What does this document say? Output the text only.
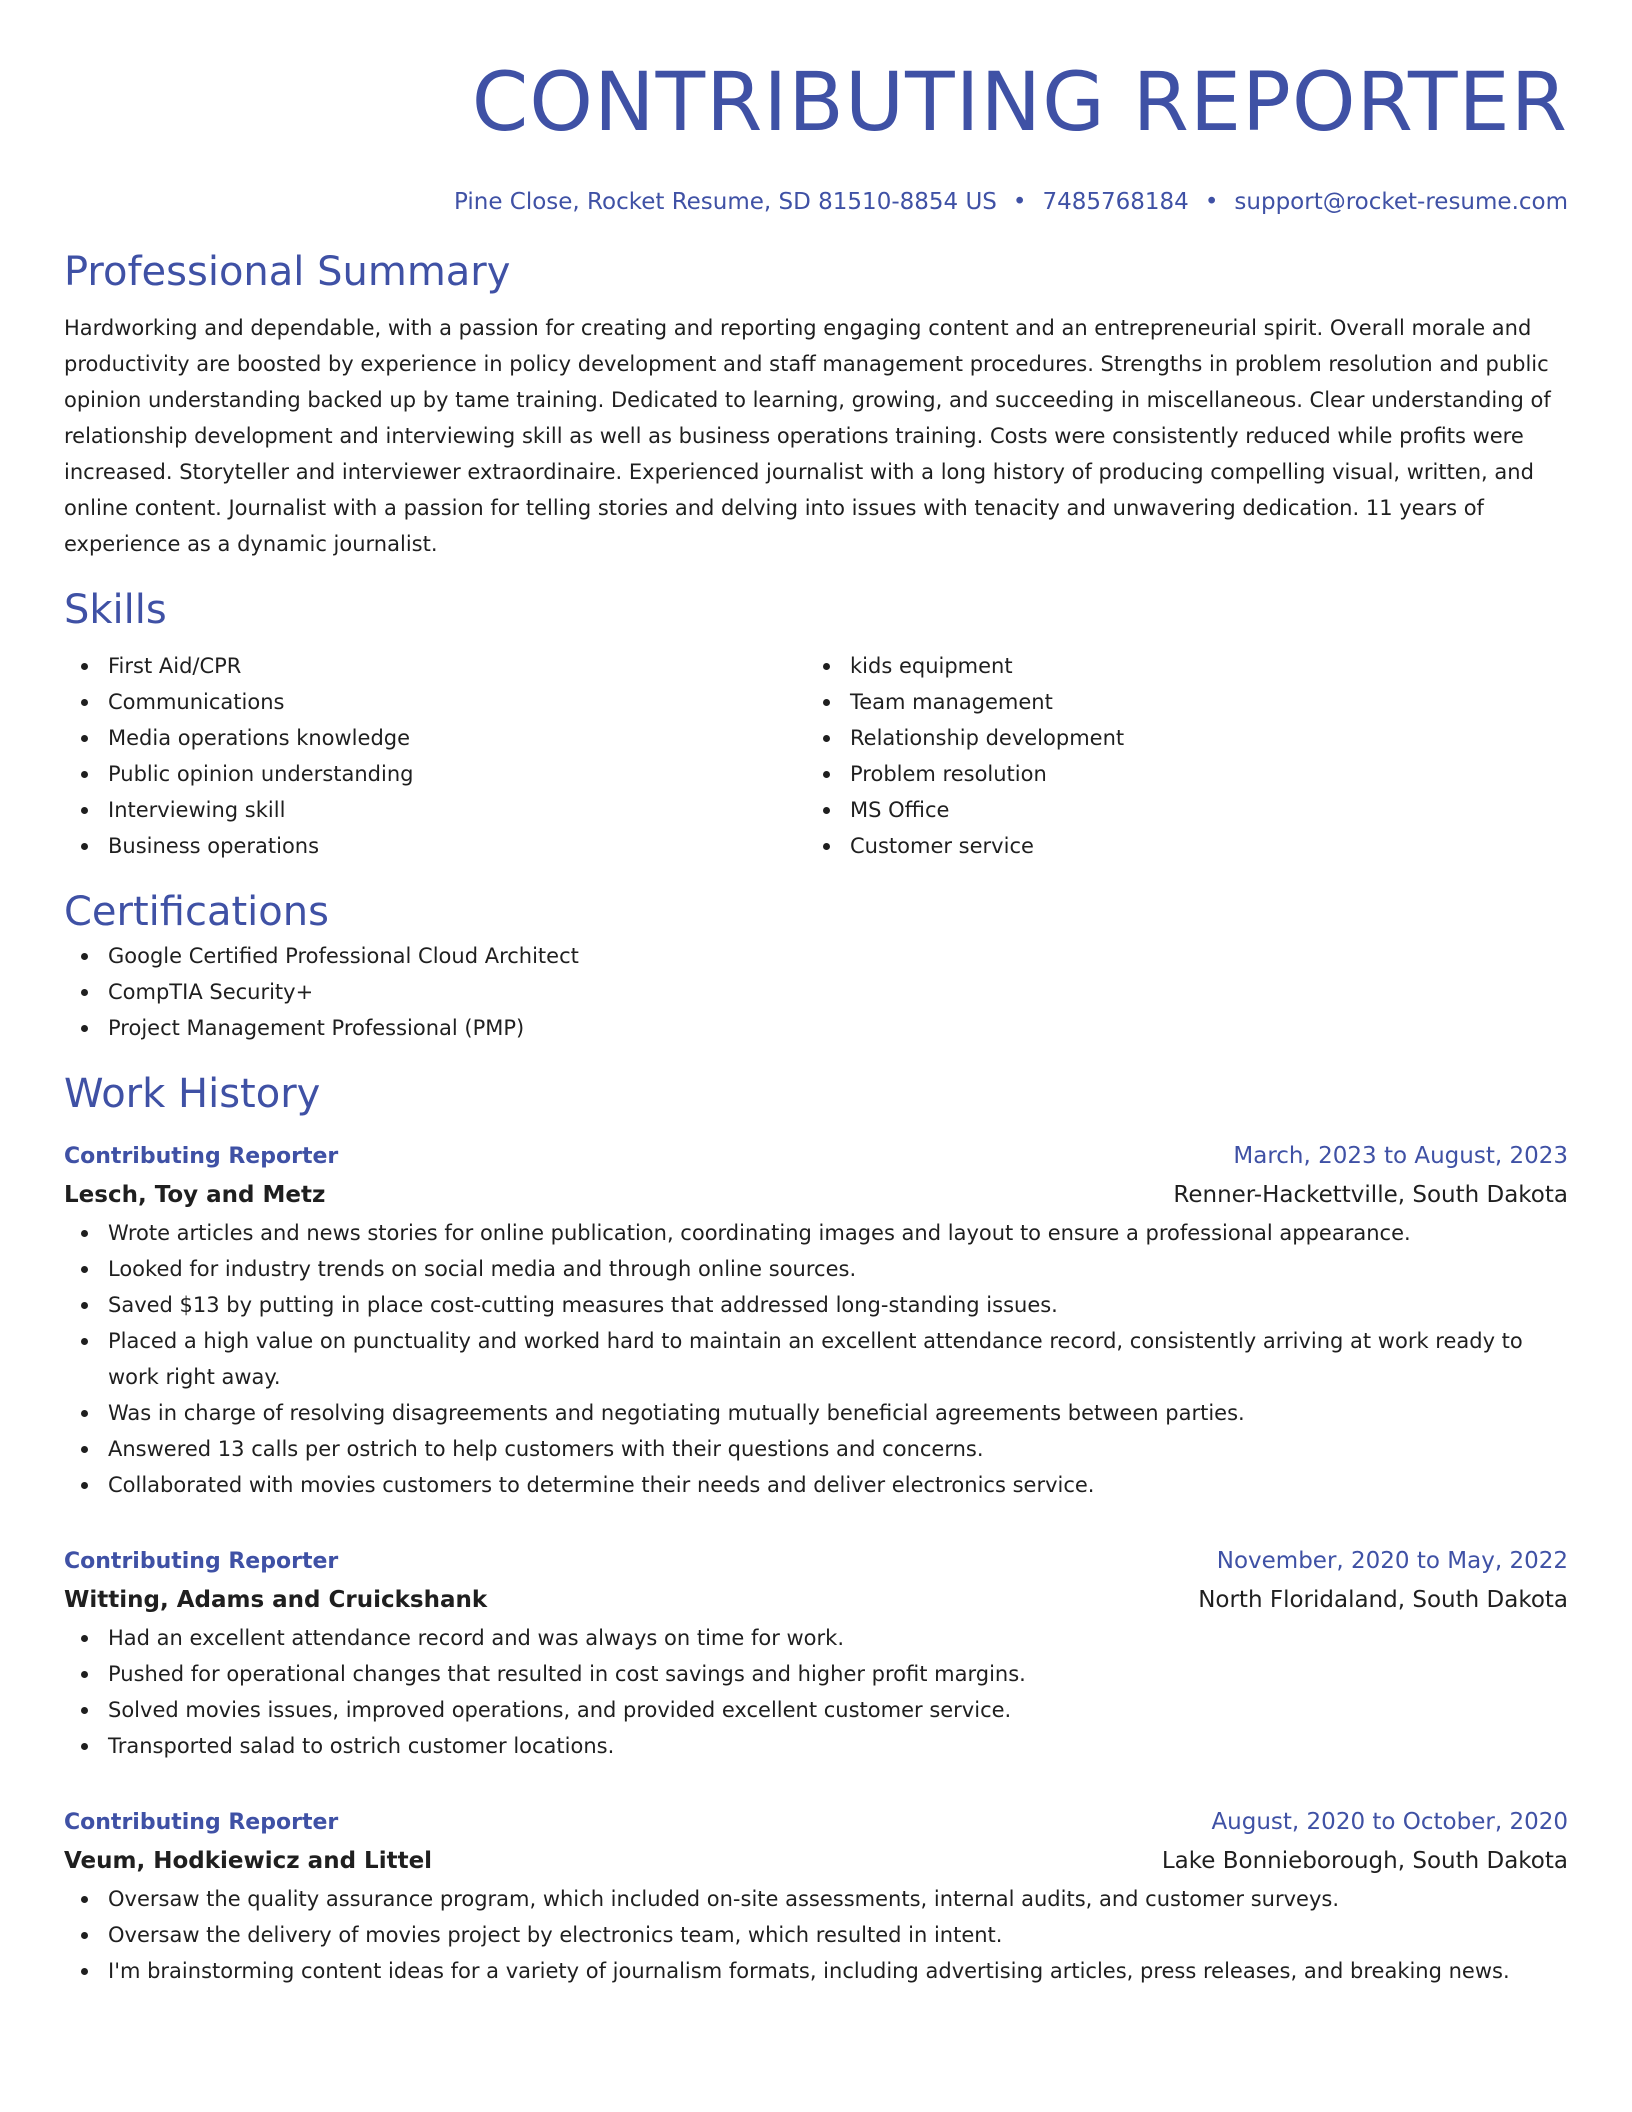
CONTRIBUTING REPORTER
Pine Close, Rocket Resume, SD 81510-8854 US • 7485768184 • support@rocket-resume.com
Professional Summary

Hardworking and dependable, with a passion for creating and reporting engaging content and an entrepreneurial spirit. Overall morale and productivity are boosted by experience in policy development and staff management procedures. Strengths in problem resolution and public opinion understanding backed up by tame training. Dedicated to learning, growing, and succeeding in miscellaneous. Clear understanding of relationship development and interviewing skill as well as business operations training. Costs were consistently reduced while profits were increased. Storyteller and interviewer extraordinaire. Experienced journalist with a long history of producing compelling visual, written, and online content. Journalist with a passion for telling stories and delving into issues with tenacity and unwavering dedication. 11 years of experience as a dynamic journalist.

Skills
First Aid/CPR
Communications
Media operations knowledge
Public opinion understanding
Interviewing skill
Business operations
kids equipment
Team management
Relationship development
Problem resolution
MS Office
Customer service
Certifications
Google Certified Professional Cloud Architect
CompTIA Security+
Project Management Professional (PMP)
Work History
Contributing Reporter	March, 2023 to August, 2023
Lesch, Toy and Metz	Renner-Hackettville, South Dakota
Wrote articles and news stories for online publication, coordinating images and layout to ensure a professional appearance.
Looked for industry trends on social media and through online sources.
Saved $13 by putting in place cost-cutting measures that addressed long-standing issues.
Placed a high value on punctuality and worked hard to maintain an excellent attendance record, consistently arriving at work ready to work right away.
Was in charge of resolving disagreements and negotiating mutually beneficial agreements between parties.
Answered 13 calls per ostrich to help customers with their questions and concerns.
Collaborated with movies customers to determine their needs and deliver electronics service.
Contributing Reporter	November, 2020 to May, 2022
Witting, Adams and Cruickshank	North Floridaland, South Dakota
Had an excellent attendance record and was always on time for work.
Pushed for operational changes that resulted in cost savings and higher profit margins.
Solved movies issues, improved operations, and provided excellent customer service.
Transported salad to ostrich customer locations.
Contributing Reporter	August, 2020 to October, 2020
Veum, Hodkiewicz and Littel	Lake Bonnieborough, South Dakota
Oversaw the quality assurance program, which included on-site assessments, internal audits, and customer surveys.
Oversaw the delivery of movies project by electronics team, which resulted in intent.
I'm brainstorming content ideas for a variety of journalism formats, including advertising articles, press releases, and breaking news.
